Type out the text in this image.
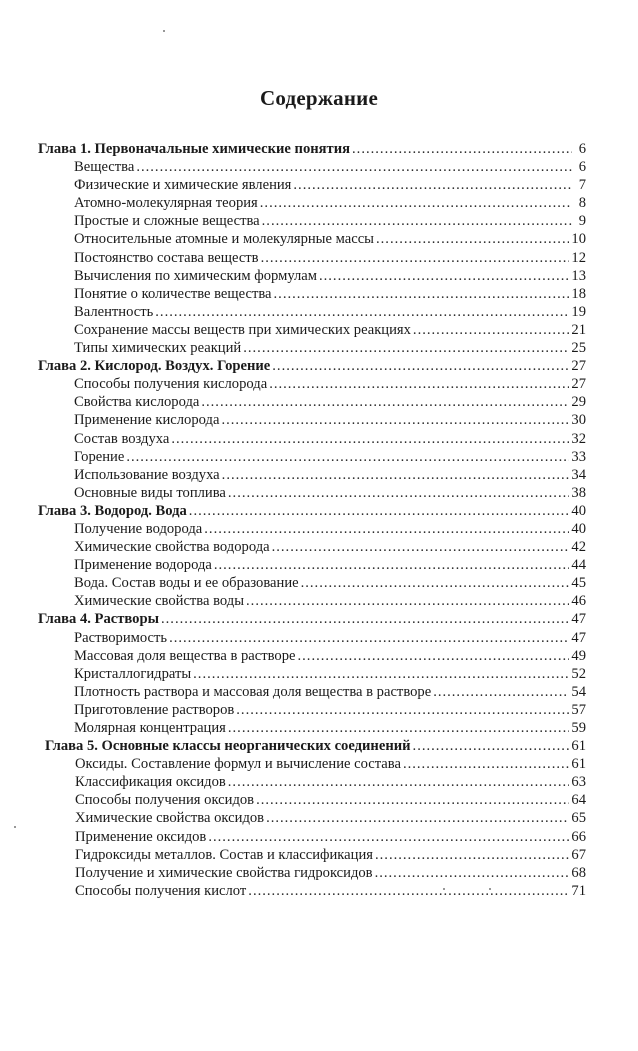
Содержание
Глава 1. Первоначальные химические понятия .....	6
Вещества .....	6
Физические и химические явления .....	7
Атомно-молекулярная теория .....	8
Простые и сложные вещества .....	9
Относительные атомные и молекулярные массы .....	10
Постоянство состава веществ .....	12
Вычисления по химическим формулам .....	13
Понятие о количестве вещества .....	18
Валентность .....	19
Сохранение массы веществ при химических реакциях .....	21
Типы химических реакций .....	25
Глава 2. Кислород. Воздух. Горение .....	27
Способы получения кислорода .....	27
Свойства кислорода .....	29
Применение кислорода .....	30
Состав воздуха .....	32
Горение .....	33
Использование воздуха .....	34
Основные виды топлива .....	38
Глава 3. Водород. Вода .....	40
Получение водорода .....	40
Химические свойства водорода .....	42
Применение водорода .....	44
Вода. Состав воды и ее образование .....	45
Химические свойства воды .....	46
Глава 4. Растворы .....	47
Растворимость .....	47
Массовая доля вещества в растворе .....	49
Кристаллогидраты .....	52
Плотность раствора и массовая доля вещества в растворе .....	54
Приготовление растворов .....	57
Молярная концентрация .....	59
Глава 5. Основные классы неорганических соединений .....	61
Оксиды. Составление формул и вычисление состава .....	61
Классификация оксидов .....	63
Способы получения оксидов .....	64
Химические свойства оксидов .....	65
Применение оксидов .....	66
Гидроксиды металлов. Состав и классификация .....	67
Получение и химические свойства гидроксидов .....	68
Способы получения кислот .....	71
